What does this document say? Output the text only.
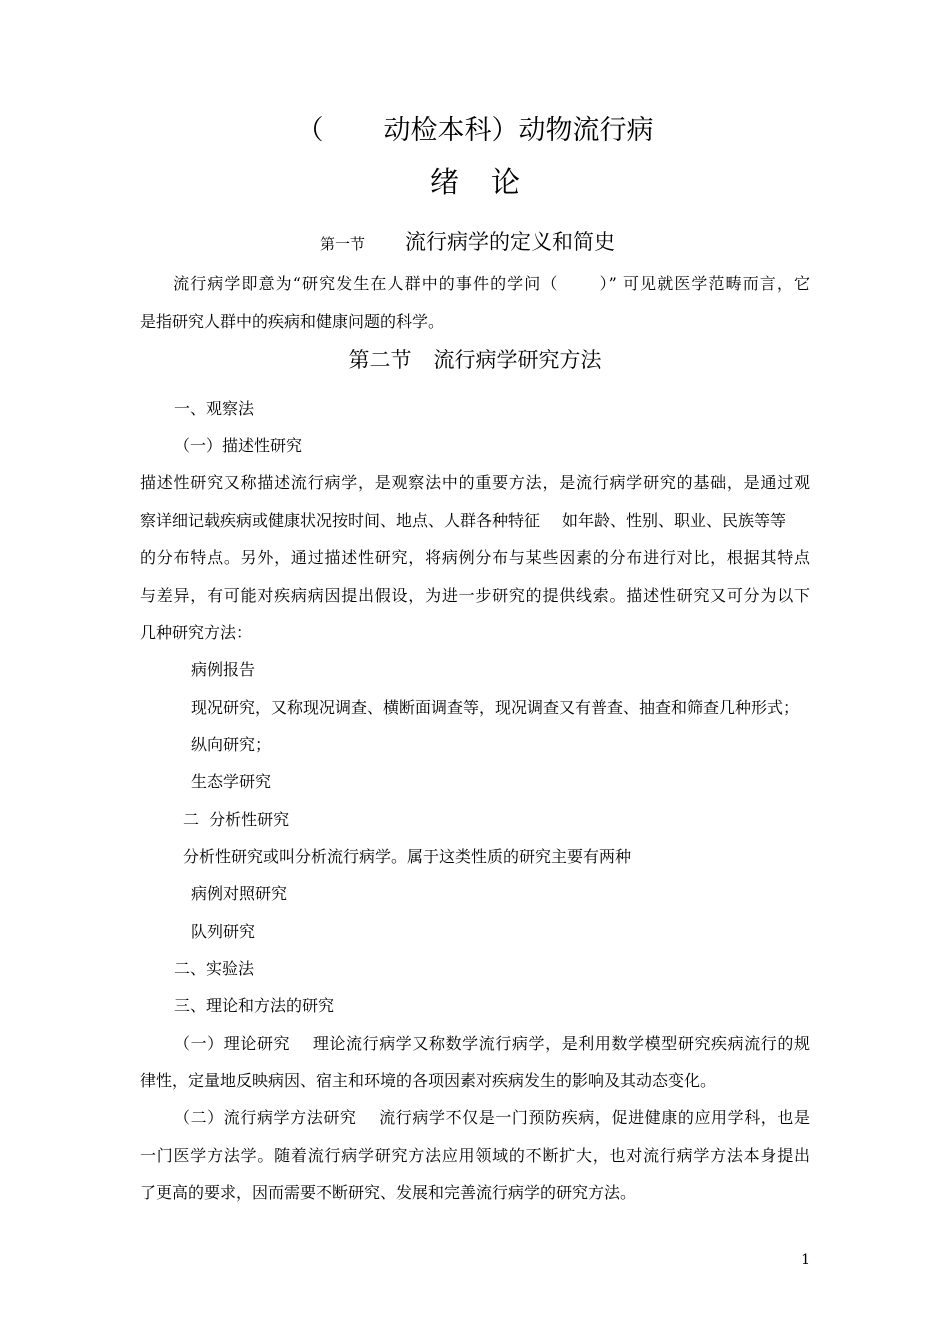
（ 动检本科）动物流行病
绪论
第一节 流行病学的定义和简史
流行病学即意为“研究发生在人群中的事件的学问（	）” 可见就医学范畴而言，它
是指研究人群中的疾病和健康问题的科学。
第二节 流行病学研究方法
一、观察法
（一）描述性研究
描述性研究又称描述流行病学，是观察法中的重要方法，是流行病学研究的基础，是通过观
察详细记载疾病或健康状况按时间、地点、人群各种特征 如年龄、性别、职业、民族等等
的分布特点。另外，通过描述性研究，将病例分布与某些因素的分布进行对比，根据其特点
与差异，有可能对疾病病因提出假设，为进一步研究的提供线索。描述性研究又可分为以下
几种研究方法：
病例报告
现况研究，又称现况调查、横断面调查等，现况调查又有普查、抽查和筛查几种形式；
纵向研究；
生态学研究
二  分析性研究
分析性研究或叫分析流行病学。属于这类性质的研究主要有两种
病例对照研究
队列研究
二、实验法
三、理论和方法的研究
（一）理论研究    理论流行病学又称数学流行病学，是利用数学模型研究疾病流行的规
律性，定量地反映病因、宿主和环境的各项因素对疾病发生的影响及其动态变化。
（二）流行病学方法研究    流行病学不仅是一门预防疾病，促进健康的应用学科，也是
一门医学方法学。随着流行病学研究方法应用领域的不断扩大，也对流行病学方法本身提出
了更高的要求，因而需要不断研究、发展和完善流行病学的研究方法。
1
